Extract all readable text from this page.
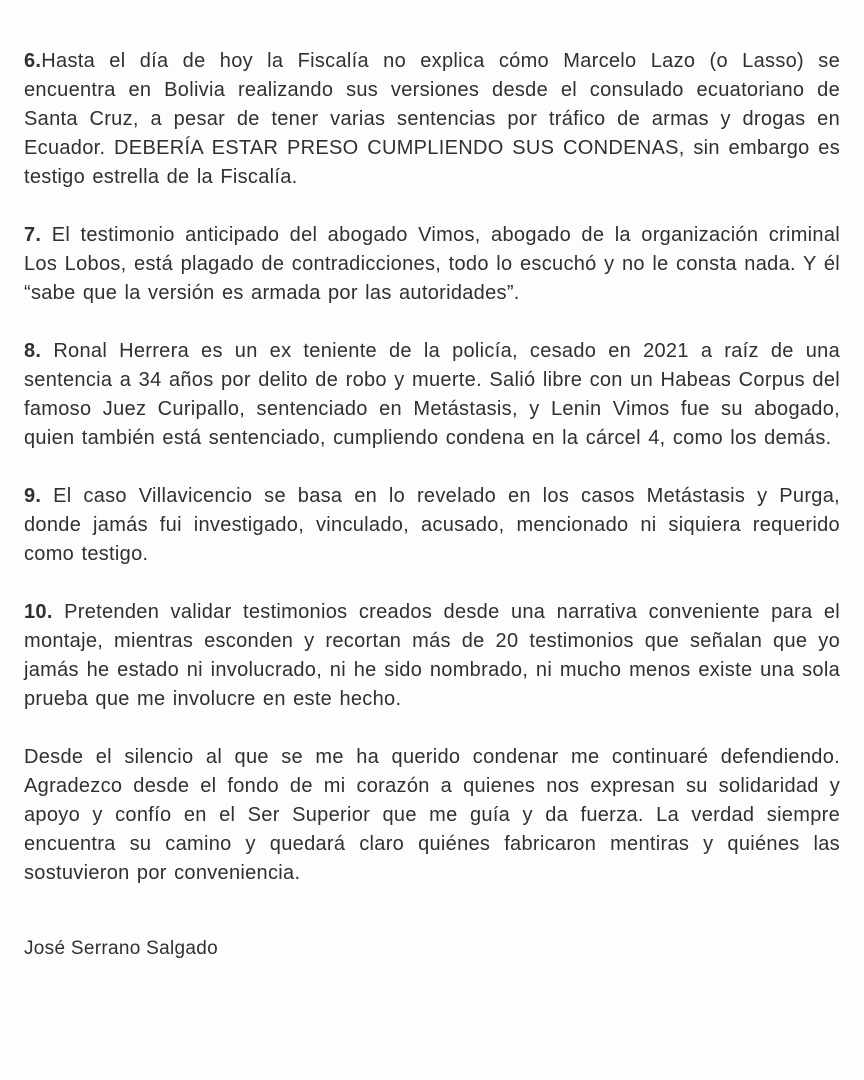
6.Hasta el día de hoy la Fiscalía no explica cómo Marcelo Lazo (o Lasso) se encuentra en Bolivia realizando sus versiones desde el consulado ecuatoriano de Santa Cruz, a pesar de tener varias sentencias por tráfico de armas y drogas en Ecuador. DEBERÍA ESTAR PRESO CUMPLIENDO SUS CONDENAS, sin embargo es testigo estrella de la Fiscalía.

7. El testimonio anticipado del abogado Vimos, abogado de la organización criminal Los Lobos, está plagado de contradicciones, todo lo escuchó y no le consta nada. Y él “sabe que la versión es armada por las autoridades”.

8. Ronal Herrera es un ex teniente de la policía, cesado en 2021 a raíz de una sentencia a 34 años por delito de robo y muerte. Salió libre con un Habeas Corpus del famoso Juez Curipallo, sentenciado en Metástasis, y Lenin Vimos fue su abogado, quien también está sentenciado, cumpliendo condena en la cárcel 4, como los demás.

9. El caso Villavicencio se basa en lo revelado en los casos Metástasis y Purga, donde jamás fui investigado, vinculado, acusado, mencionado ni siquiera requerido como testigo.

10. Pretenden validar testimonios creados desde una narrativa conveniente para el montaje, mientras esconden y recortan más de 20 testimonios que señalan que yo jamás he estado ni involucrado, ni he sido nombrado, ni mucho menos existe una sola prueba que me involucre en este hecho.

Desde el silencio al que se me ha querido condenar me continuaré defendiendo. Agradezco desde el fondo de mi corazón a quienes nos expresan su solidaridad y apoyo y confío en el Ser Superior que me guía y da fuerza. La verdad siempre encuentra su camino y quedará claro quiénes fabricaron mentiras y quiénes las sostuvieron por conveniencia.

José Serrano Salgado
